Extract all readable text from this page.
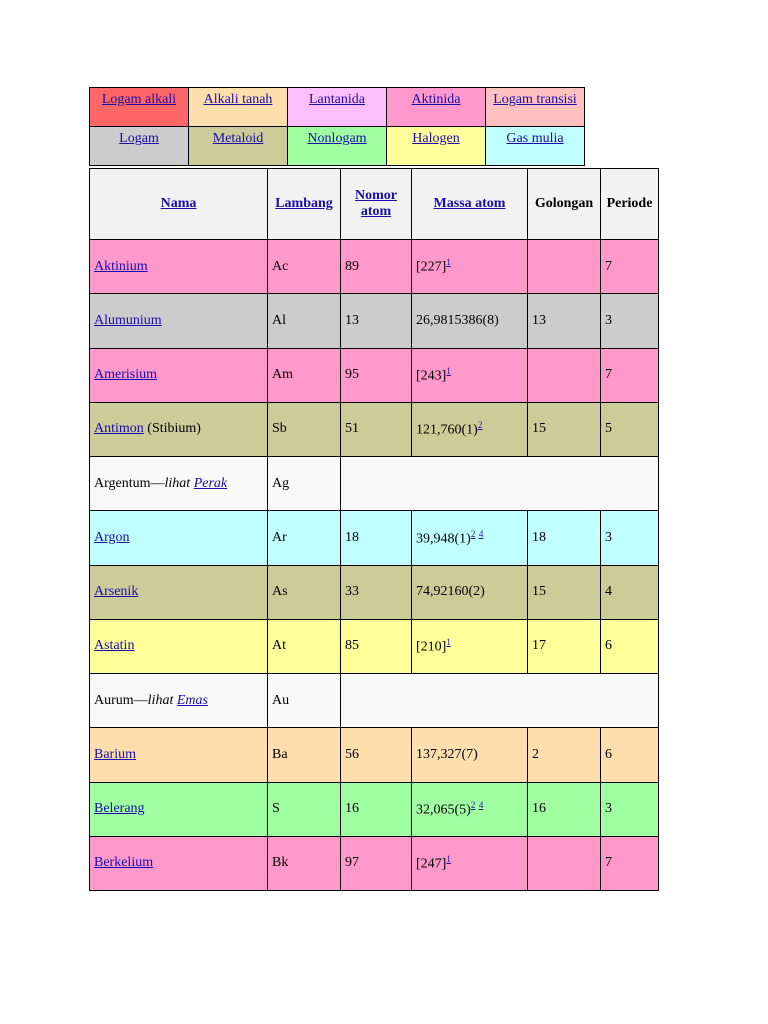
Logam alkali	Alkali tanah	Lantanida	Aktinida	Logam transisi
Logam	Metaloid	Nonlogam	Halogen	Gas mulia
Nama	Lambang	Nomor atom	Massa atom	Golongan	Periode
Aktinium	Ac	89	[227]$^1$		7
Alumunium	Al	13	26,9815386(8)	13	3
Amerisium	Am	95	[243]$^1$		7
Antimon (Stibium)	Sb	51	121,760(1)$^2$	15	5
Argentum—lihat Perak	Ag				
Argon	Ar	18	39,948(1)$^2$ $^4$	18	3
Arsenik	As	33	74,92160(2)	15	4
Astatin	At	85	[210]$^1$	17	6
Aurum—lihat Emas	Au				
Barium	Ba	56	137,327(7)	2	6
Belerang	S	16	32,065(5)$^2$ $^4$	16	3
Berkelium	Bk	97	[247]$^1$		7
